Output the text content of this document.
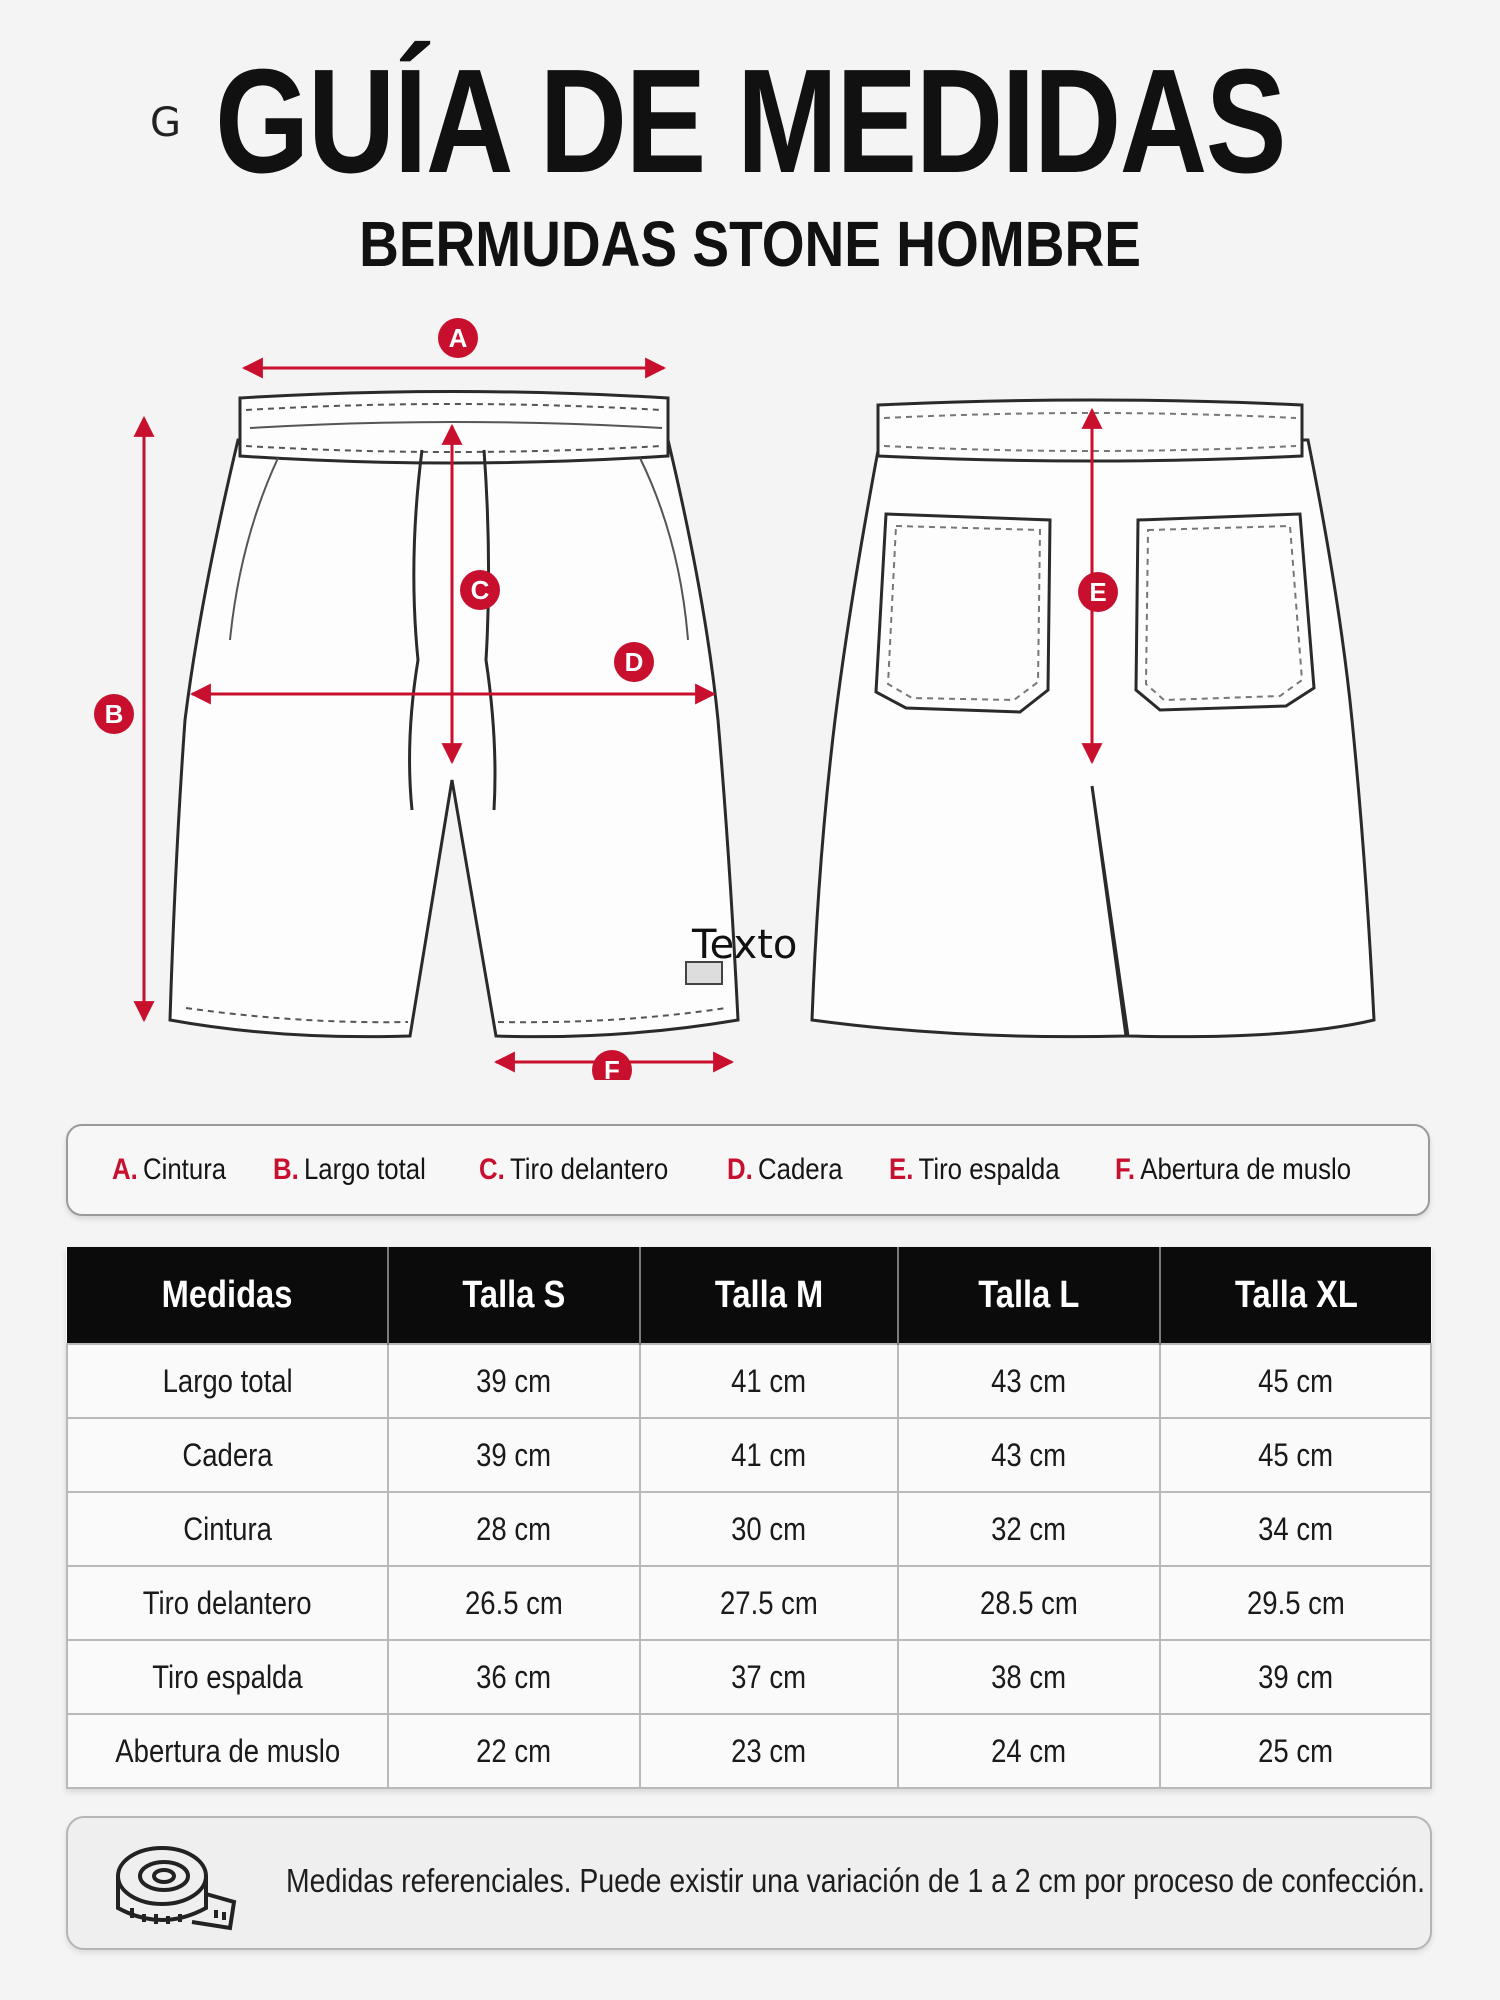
G GUÍA DE MEDIDAS
BERMUDAS STONE HOMBRE
A
B
C
D
E
F
Texto
A. Cintura B. Largo total C. Tiro delantero D. Cadera E. Tiro espalda F. Abertura de muslo
Medidas	Talla S	Talla M	Talla L	Talla XL
Largo total	39 cm	41 cm	43 cm	45 cm
Cadera	39 cm	41 cm	43 cm	45 cm
Cintura	28 cm	30 cm	32 cm	34 cm
Tiro delantero	26.5 cm	27.5 cm	28.5 cm	29.5 cm
Tiro espalda	36 cm	37 cm	38 cm	39 cm
Abertura de muslo	22 cm	23 cm	24 cm	25 cm
Medidas referenciales. Puede existir una variación de 1 a 2 cm por proceso de confección.
